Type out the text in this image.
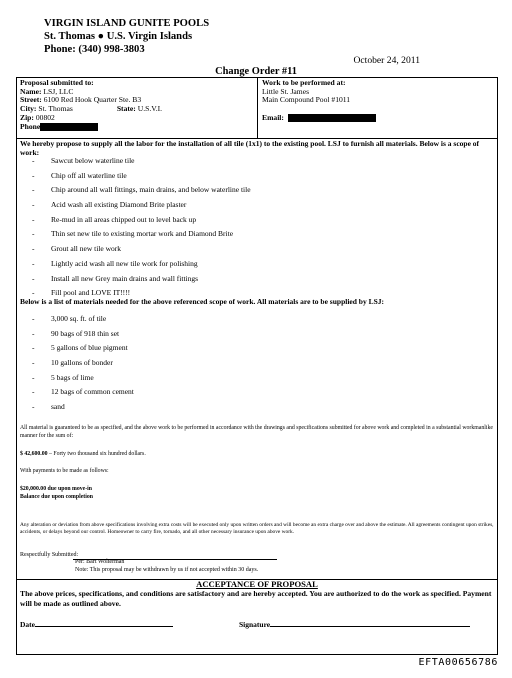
VIRGIN ISLAND GUNITE POOLS
St. Thomas ● U.S. Virgin Islands
Phone: (340) 998-3803
October 24, 2011
Change Order #11
Proposal submitted to:
Name: LSJ, LLC
Street: 6100 Red Hook Quarter Ste. B3
City: St. Thomas	State: U.S.V.I.
Zip: 00802
Phone
Work to be performed at:
Little St. James
Main Compound Pool #1011
Email:
We hereby propose to supply all the labor for the installation of all tile (1x1) to the existing pool. LSJ to furnish all materials. Below is a scope of work:
- Sawcut below waterline tile
- Chip off all waterline tile
- Chip around all wall fittings, main drains, and below waterline tile
- Acid wash all existing Diamond Brite plaster
- Re-mud in all areas chipped out to level back up
- Thin set new tile to existing mortar work and Diamond Brite
- Grout all new tile work
- Lightly acid wash all new tile work for polishing
- Install all new Grey main drains and wall fittings
- Fill pool and LOVE IT!!!!
Below is a list of materials needed for the above referenced scope of work. All materials are to be supplied by LSJ:
- 3,000 sq. ft. of tile
- 90 bags of 918 thin set
- 5 gallons of blue pigment
- 10 gallons of bonder
- 5 bags of lime
- 12 bags of common cement
- sand
All material is guaranteed to be as specified, and the above work to be performed in accordance with the drawings and specifications submitted for above work and completed in a substantial workmanlike manner for the sum of:
$ 42,600.00 – Forty two thousand six hundred dollars.
With payments to be made as follows:
$20,000.00 due upon move-in
Balance due upon completion
Any alteration or deviation from above specifications involving extra costs will be executed only upon written orders and will become an extra charge over and above the estimate. All agreements contingent upon strikes, accidents, or delays beyond our control. Homeowner to carry fire, tornado, and all other necessary insurance upon above work.
Respectfully Submitted:
Per: Bart Wolterman
Note: This proposal may be withdrawn by us if not accepted within 30 days.
ACCEPTANCE OF PROPOSAL
The above prices, specifications, and conditions are satisfactory and are hereby accepted. You are authorized to do the work as specified. Payment will be made as outlined above.
Date	Signature
EFTA00656786
